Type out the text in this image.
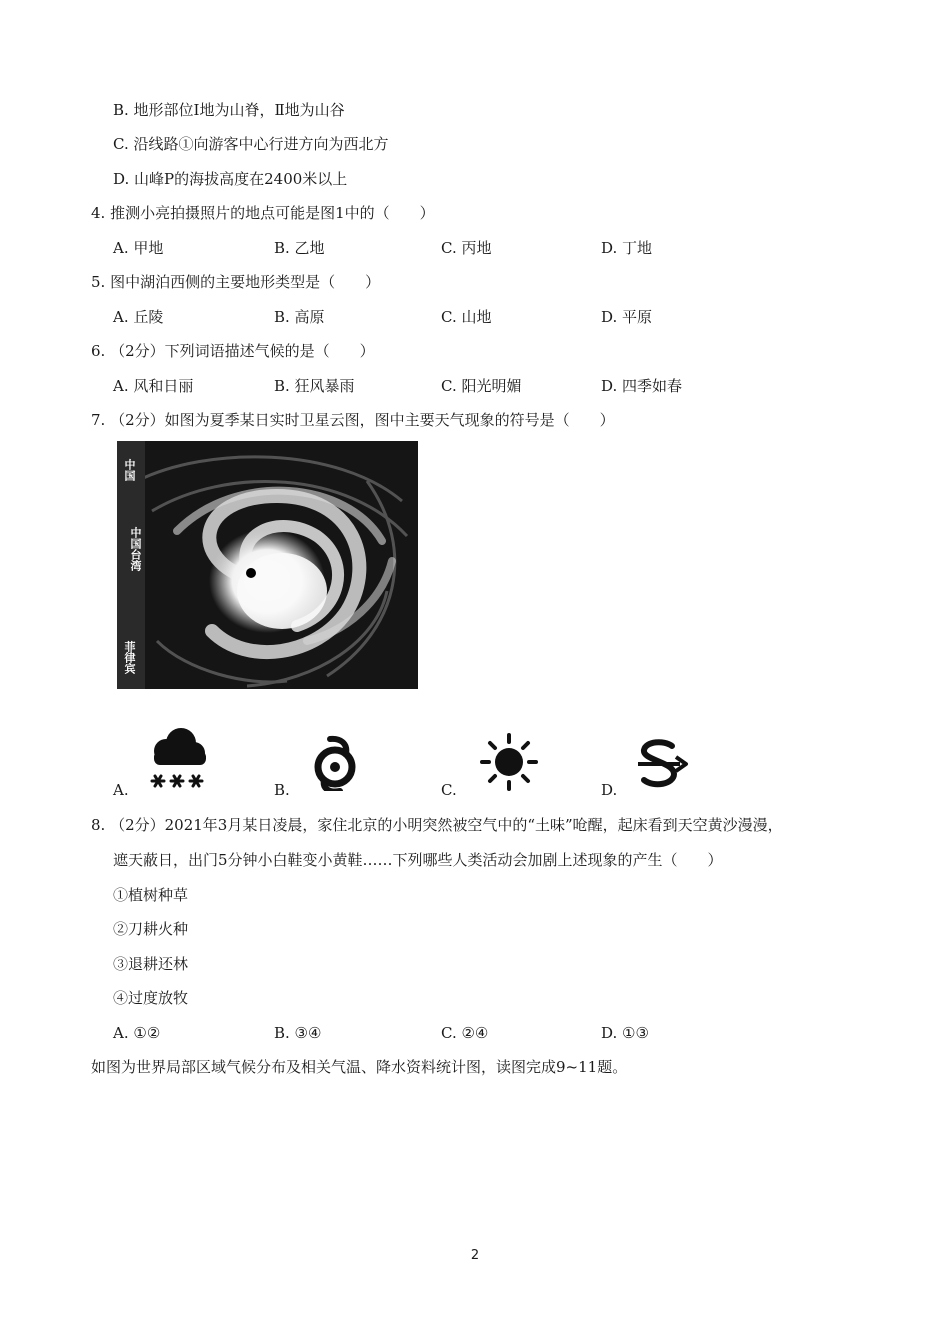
B. 地形部位Ⅰ地为山脊，Ⅱ地为山谷
C. 沿线路①向游客中心行进方向为西北方
D. 山峰P的海拔高度在2400米以上
4. 推测小亮拍摄照片的地点可能是图1中的（　　）
A. 甲地	B. 乙地	C. 丙地	D. 丁地
5. 图中湖泊西侧的主要地形类型是（　　）
A. 丘陵	B. 高原	C. 山地	D. 平原
6. （2分）下列词语描述气候的是（　　）
A. 风和日丽	B. 狂风暴雨	C. 阳光明媚	D. 四季如春
7. （2分）如图为夏季某日实时卫星云图，图中主要天气现象的符号是（　　）
中国
中国台湾
菲律宾
A.	B.	C.	D.
8. （2分）2021年3月某日凌晨，家住北京的小明突然被空气中的“土味”呛醒，起床看到天空黄沙漫漫，
遮天蔽日，出门5分钟小白鞋变小黄鞋……下列哪些人类活动会加剧上述现象的产生（　　）
①植树种草
②刀耕火种
③退耕还林
④过度放牧
A. ①②	B. ③④	C. ②④	D. ①③
如图为世界局部区域气候分布及相关气温、降水资料统计图，读图完成9~11题。
2
